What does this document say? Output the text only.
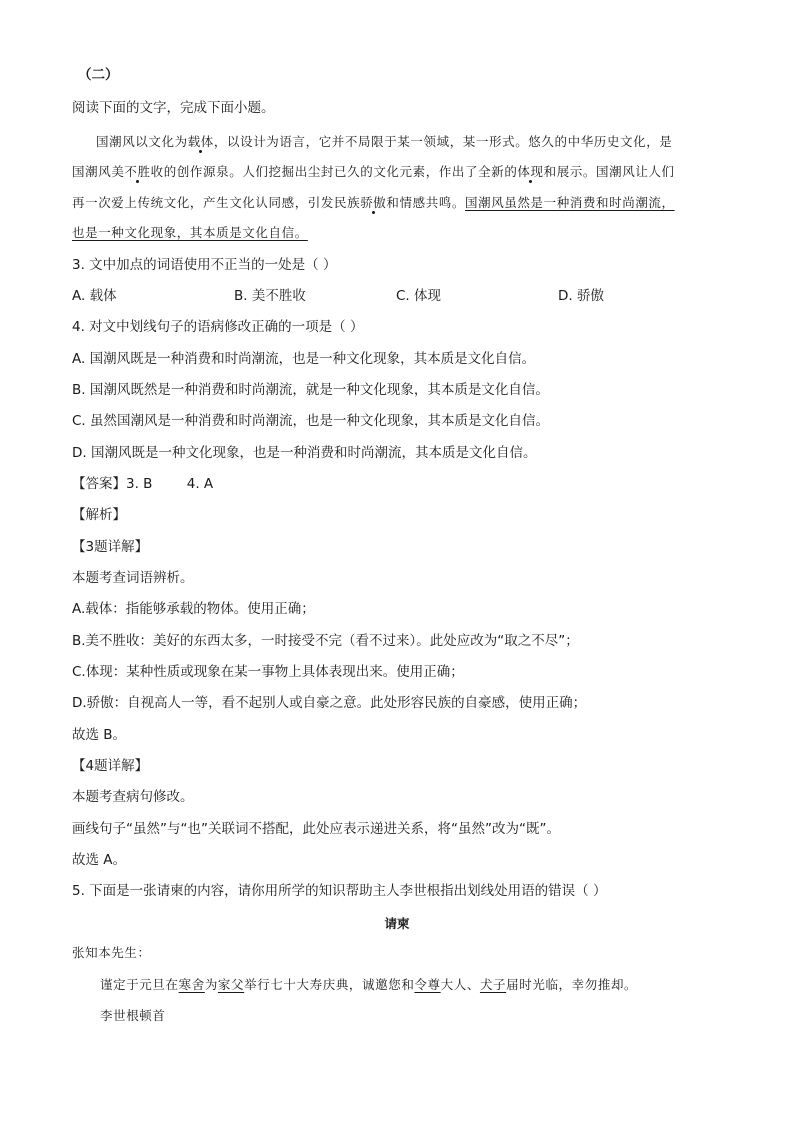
（二）
阅读下面的文字，完成下面小题。
国潮风以文化为载体，以设计为语言，它并不局限于某一领域，某一形式。悠久的中华历史文化，是
国潮风美不胜收的创作源泉。人们挖掘出尘封已久的文化元素，作出了全新的体现和展示。国潮风让人们
再一次爱上传统文化，产生文化认同感，引发民族骄傲和情感共鸣。国潮风虽然是一种消费和时尚潮流，
也是一种文化现象，其本质是文化自信。
3. 文中加点的词语使用不正当的一处是（ ）
A. 载体	B. 美不胜收	C. 体现	D. 骄傲
4. 对文中划线句子的语病修改正确的一项是（ ）
A. 国潮风既是一种消费和时尚潮流，也是一种文化现象，其本质是文化自信。
B. 国潮风既然是一种消费和时尚潮流，就是一种文化现象，其本质是文化自信。
C. 虽然国潮风是一种消费和时尚潮流，也是一种文化现象，其本质是文化自信。
D. 国潮风既是一种文化现象，也是一种消费和时尚潮流，其本质是文化自信。
【答案】3. B        4. A
【解析】
【3题详解】
本题考查词语辨析。
A.载体：指能够承载的物体。使用正确；
B.美不胜收：美好的东西太多，一时接受不完（看不过来）。此处应改为“取之不尽”；
C.体现：某种性质或现象在某一事物上具体表现出来。使用正确；
D.骄傲：自视高人一等，看不起别人或自豪之意。此处形容民族的自豪感，使用正确；
故选 B。
【4题详解】
本题考查病句修改。
画线句子“虽然”与“也”关联词不搭配，此处应表示递进关系，将“虽然”改为“既”。
故选 A。
5. 下面是一张请柬的内容，请你用所学的知识帮助主人李世根指出划线处用语的错误（ ）
请柬
张知本先生：
谨定于元旦在寒舍为家父举行七十大寿庆典，诚邀您和令尊大人、犬子届时光临，幸勿推却。
李世根顿首
